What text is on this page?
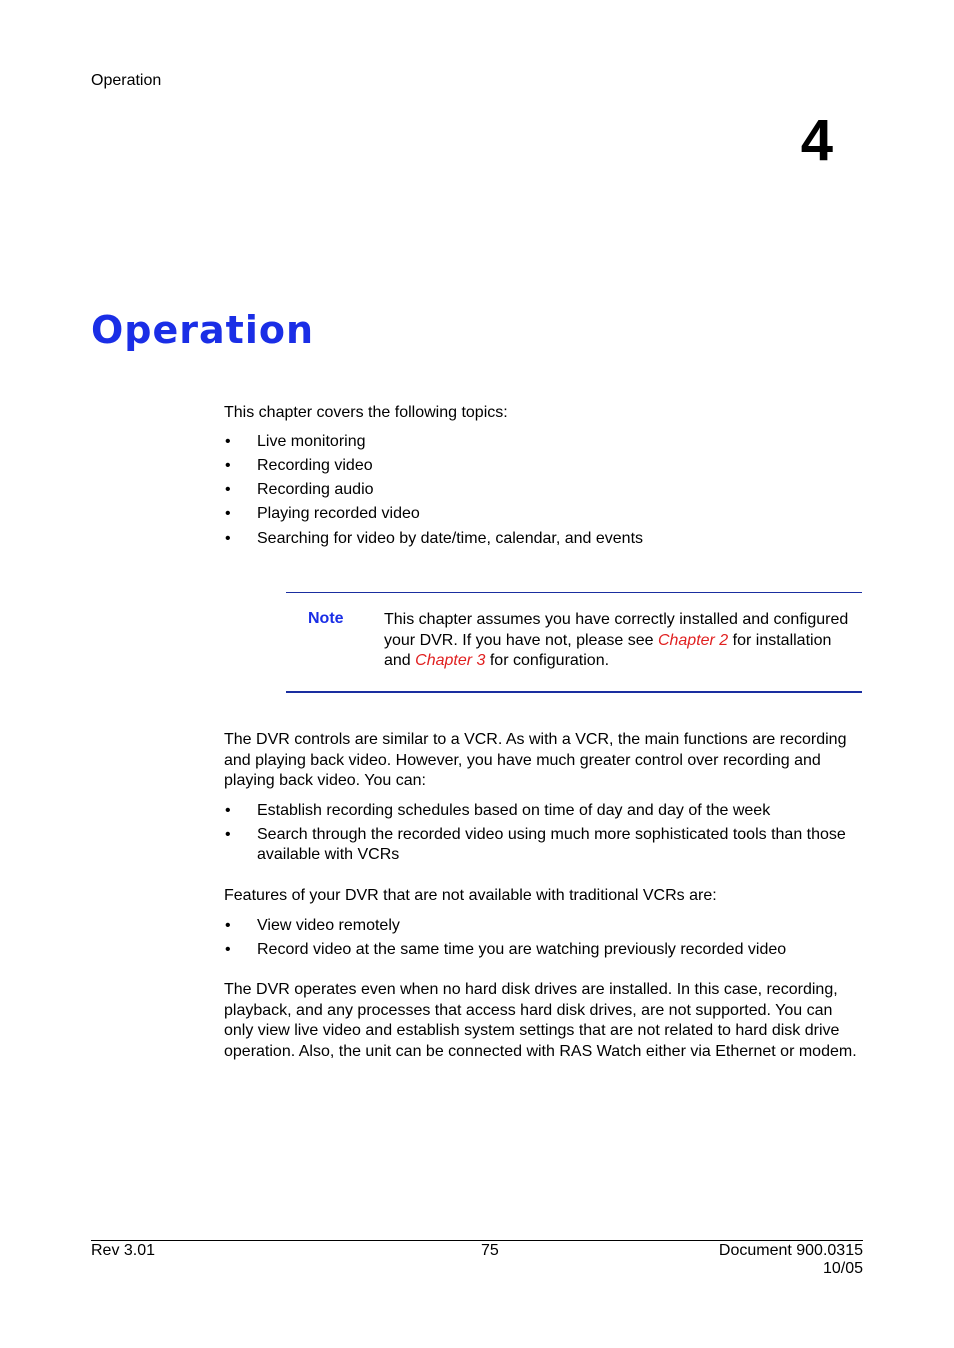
Operation
4
Operation

This chapter covers the following topics:

• Live monitoring
• Recording video
• Recording audio
• Playing recorded video
• Searching for video by date/time, calendar, and events
Note	This chapter assumes you have correctly installed and configured your DVR. If you have not, please see Chapter 2 for installation and Chapter 3 for configuration.

The DVR controls are similar to a VCR. As with a VCR, the main functions are recording and playing back video. However, you have much greater control over recording and playing back video. You can:

• Establish recording schedules based on time of day and day of the week
• Search through the recorded video using much more sophisticated tools than those available with VCRs

Features of your DVR that are not available with traditional VCRs are:

• View video remotely
• Record video at the same time you are watching previously recorded video

The DVR operates even when no hard disk drives are installed. In this case, recording, playback, and any processes that access hard disk drives, are not supported. You can only view live video and establish system settings that are not related to hard disk drive operation. Also, the unit can be connected with RAS Watch either via Ethernet or modem.

Rev 3.01	75	Document 900.0315
10/05
